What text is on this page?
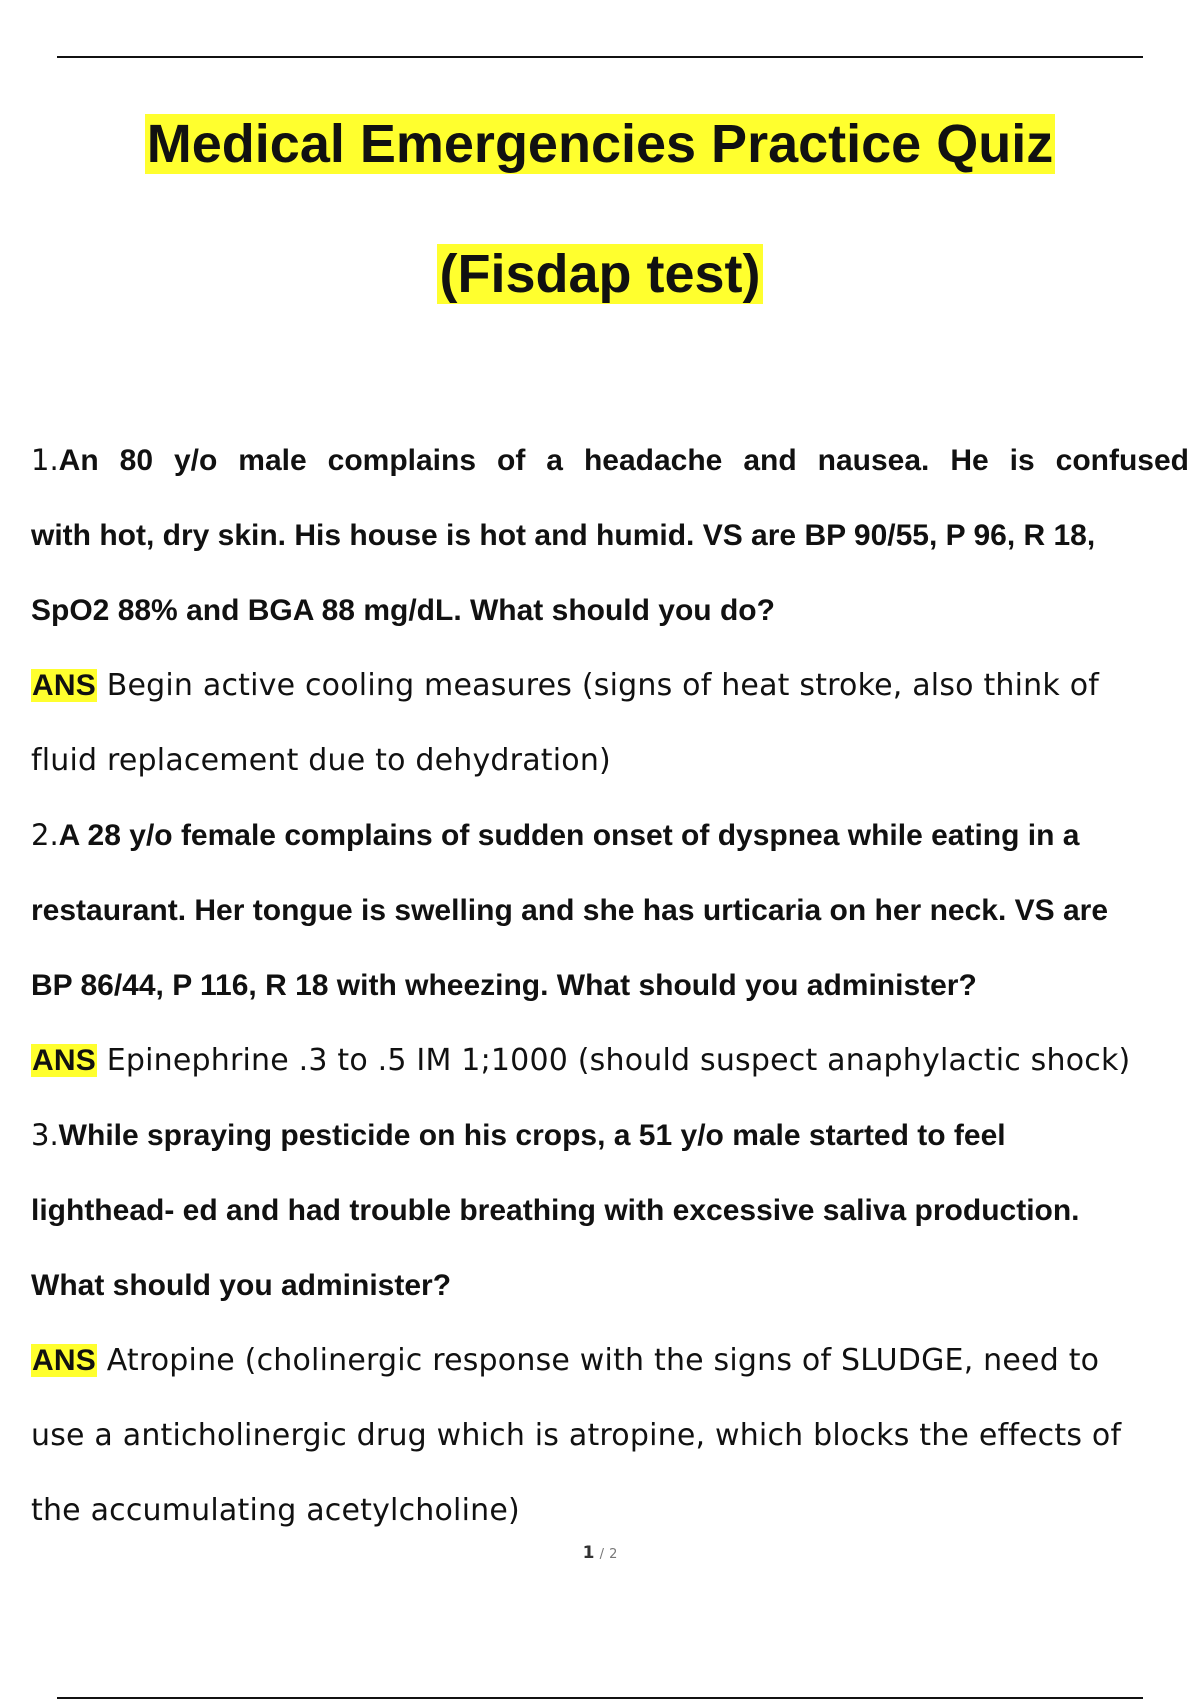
Medical Emergencies Practice Quiz
(Fisdap test)
1.An 80 y/o male complains of a headache and nausea. He is confused
with hot, dry skin. His house is hot and humid. VS are BP 90/55, P 96, R 18,
SpO2 88% and BGA 88 mg/dL. What should you do?
ANS Begin active cooling measures (signs of heat stroke, also think of
fluid replacement due to dehydration)
2.A 28 y/o female complains of sudden onset of dyspnea while eating in a
restaurant. Her tongue is swelling and she has urticaria on her neck. VS are
BP 86/44, P 116, R 18 with wheezing. What should you administer?
ANS Epinephrine .3 to .5 IM 1;1000 (should suspect anaphylactic shock)
3.While spraying pesticide on his crops, a 51 y/o male started to feel
lighthead- ed and had trouble breathing with excessive saliva production.
What should you administer?
ANS Atropine (cholinergic response with the signs of SLUDGE, need to
use a anticholinergic drug which is atropine, which blocks the effects of
the accumulating acetylcholine)
1 / 2
